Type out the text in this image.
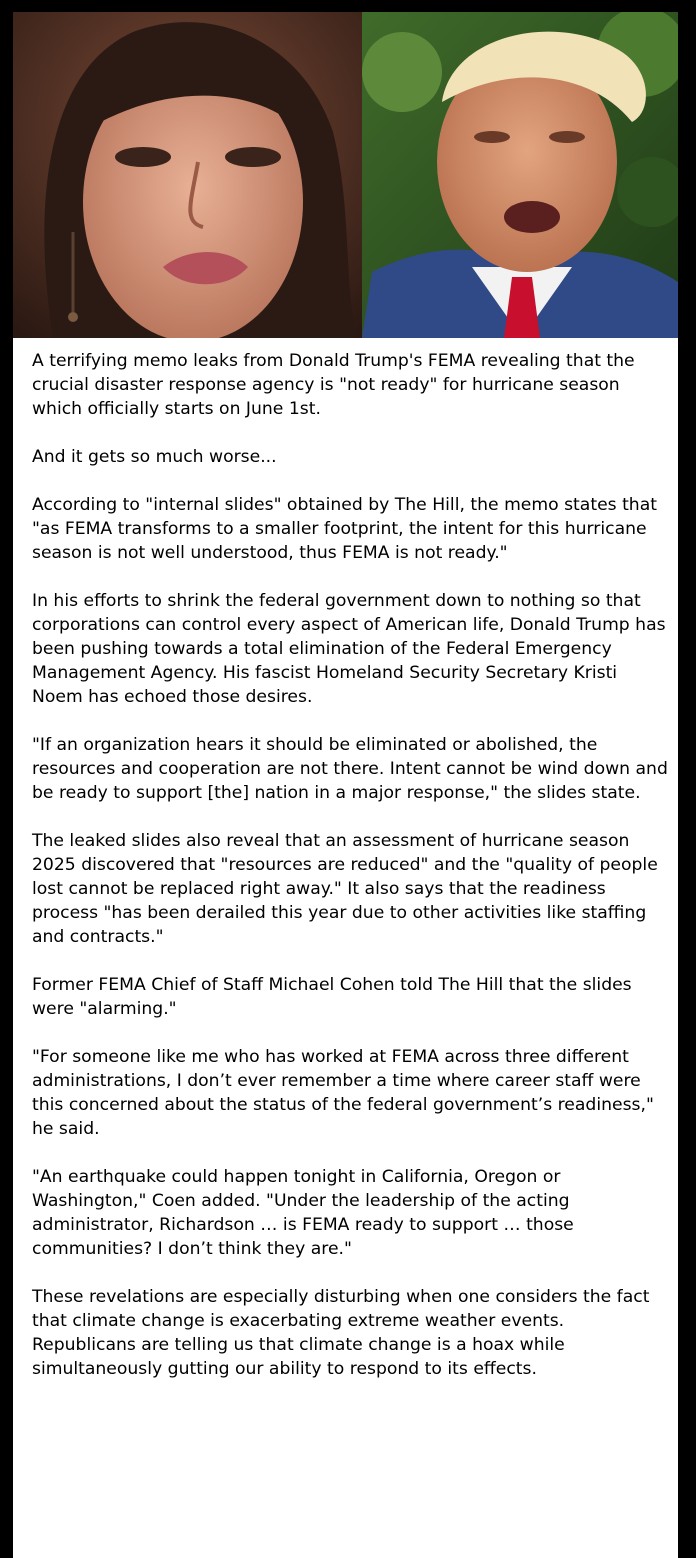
A terrifying memo leaks from Donald Trump's FEMA revealing that the crucial disaster response agency is "not ready" for hurricane season which officially starts on June 1st.

And it gets so much worse...

According to "internal slides" obtained by The Hill, the memo states that "as FEMA transforms to a smaller footprint, the intent for this hurricane season is not well understood, thus FEMA is not ready."

In his efforts to shrink the federal government down to nothing so that corporations can control every aspect of American life, Donald Trump has been pushing towards a total elimination of the Federal Emergency Management Agency. His fascist Homeland Security Secretary Kristi Noem has echoed those desires.

"If an organization hears it should be eliminated or abolished, the resources and cooperation are not there. Intent cannot be wind down and be ready to support [the] nation in a major response," the slides state.

The leaked slides also reveal that an assessment of hurricane season 2025 discovered that "resources are reduced" and the "quality of people lost cannot be replaced right away." It also says that the readiness process "has been derailed this year due to other activities like staffing and contracts."

Former FEMA Chief of Staff Michael Cohen told The Hill that the slides were "alarming."

"For someone like me who has worked at FEMA across three different administrations, I don’t ever remember a time where career staff were this concerned about the status of the federal government’s readiness," he said.

"An earthquake could happen tonight in California, Oregon or Washington," Coen added. "Under the leadership of the acting administrator, Richardson … is FEMA ready to support … those communities? I don’t think they are."

These revelations are especially disturbing when one considers the fact that climate change is exacerbating extreme weather events. Republicans are telling us that climate change is a hoax while simultaneously gutting our ability to respond to its effects.
